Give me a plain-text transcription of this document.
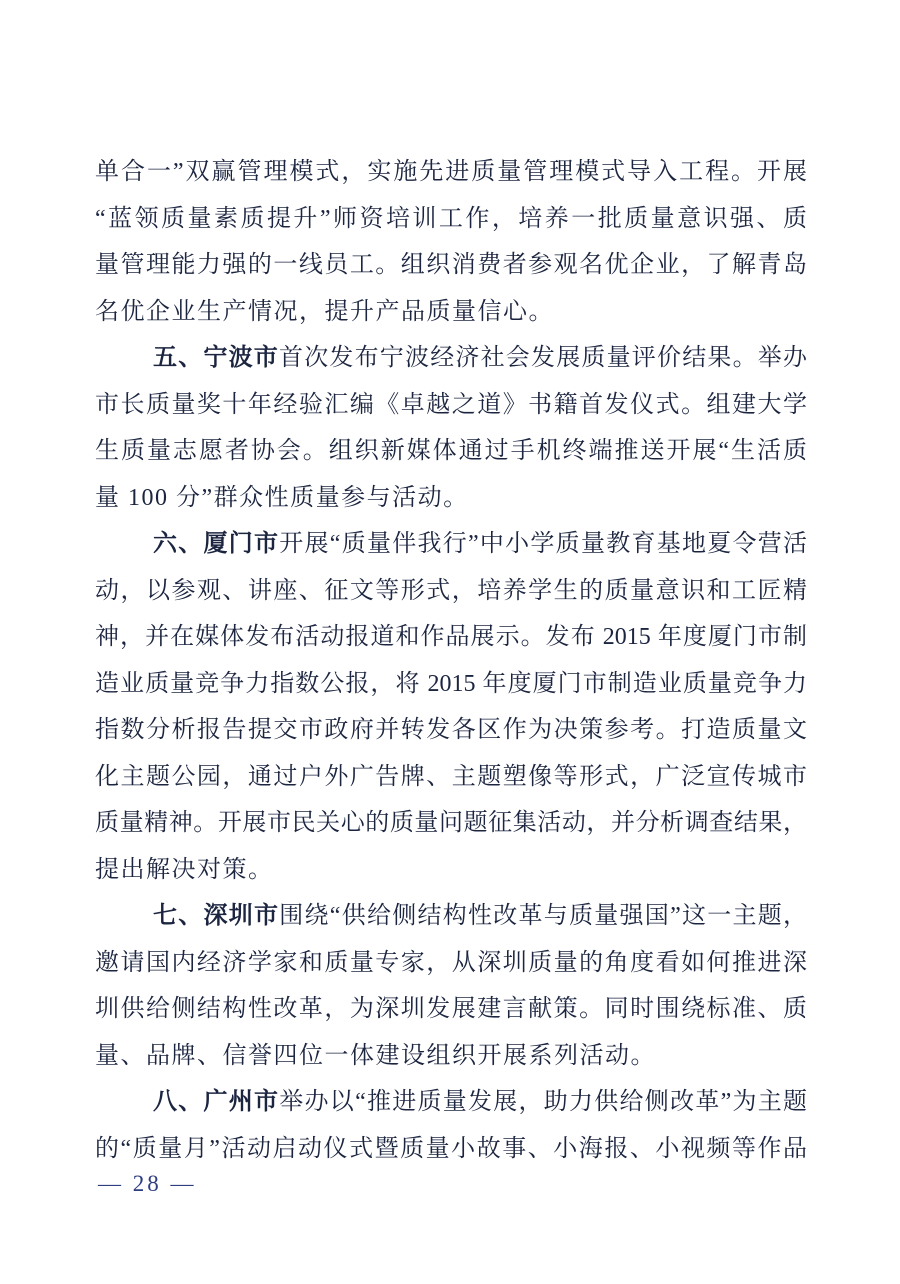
单合一”双赢管理模式，实施先进质量管理模式导入工程。开展
“蓝领质量素质提升”师资培训工作，培养一批质量意识强、质
量管理能力强的一线员工。组织消费者参观名优企业，了解青岛
名优企业生产情况，提升产品质量信心。
五、宁波市首次发布宁波经济社会发展质量评价结果。举办
市长质量奖十年经验汇编《卓越之道》书籍首发仪式。组建大学
生质量志愿者协会。组织新媒体通过手机终端推送开展“生活质
量 100 分”群众性质量参与活动。
六、厦门市开展“质量伴我行”中小学质量教育基地夏令营活
动，以参观、讲座、征文等形式，培养学生的质量意识和工匠精
神，并在媒体发布活动报道和作品展示。发布 2015 年度厦门市制
造业质量竞争力指数公报，将 2015 年度厦门市制造业质量竞争力
指数分析报告提交市政府并转发各区作为决策参考。打造质量文
化主题公园，通过户外广告牌、主题塑像等形式，广泛宣传城市
质量精神。开展市民关心的质量问题征集活动，并分析调查结果，
提出解决对策。
七、深圳市围绕“供给侧结构性改革与质量强国”这一主题，
邀请国内经济学家和质量专家，从深圳质量的角度看如何推进深
圳供给侧结构性改革，为深圳发展建言献策。同时围绕标准、质
量、品牌、信誉四位一体建设组织开展系列活动。
八、广州市举办以“推进质量发展，助力供给侧改革”为主题
的“质量月”活动启动仪式暨质量小故事、小海报、小视频等作品
— 28 —
